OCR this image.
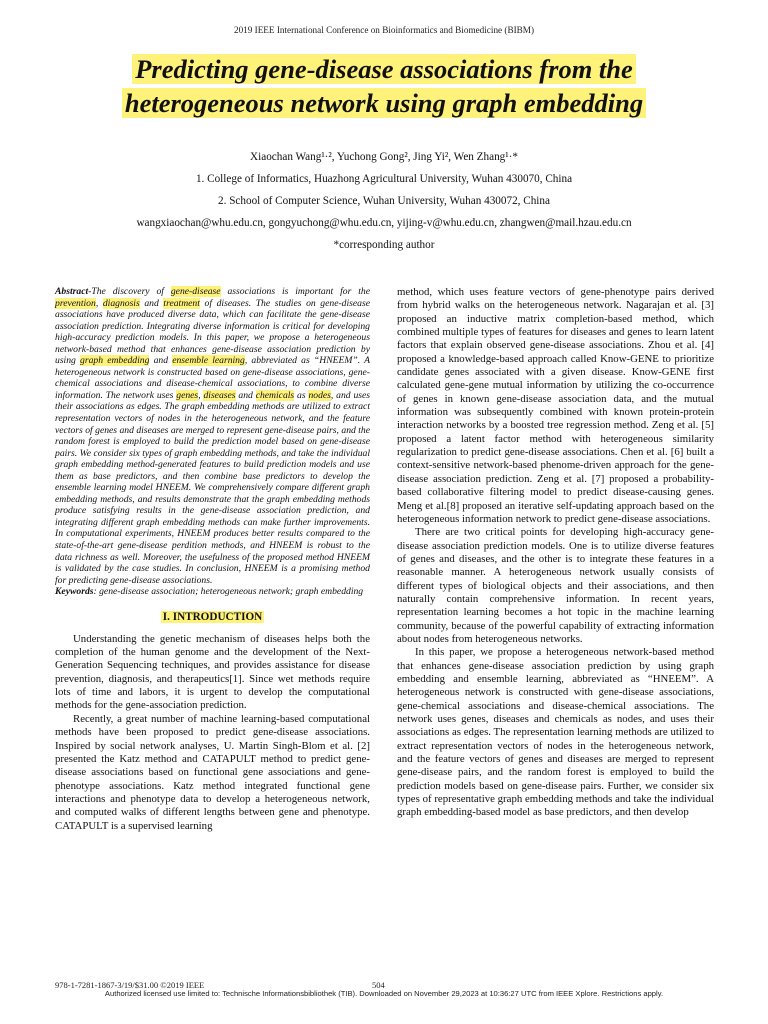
2019 IEEE International Conference on Bioinformatics and Biomedicine (BIBM)
Predicting gene-disease associations from the
heterogeneous network using graph embedding
Xiaochan Wang¹·², Yuchong Gong², Jing Yi², Wen Zhang¹·*
1. College of Informatics, Huazhong Agricultural University, Wuhan 430070, China
2. School of Computer Science, Wuhan University, Wuhan 430072, China
wangxiaochan@whu.edu.cn, gongyuchong@whu.edu.cn, yijing-v@whu.edu.cn, zhangwen@mail.hzau.edu.cn
*corresponding author

Abstract-The discovery of gene-disease associations is important for the prevention, diagnosis and treatment of diseases. The studies on gene-disease associations have produced diverse data, which can facilitate the gene-disease association prediction. Integrating diverse information is critical for developing high-accuracy prediction models. In this paper, we propose a heterogeneous network-based method that enhances gene-disease association prediction by using graph embedding and ensemble learning, abbreviated as “HNEEM”. A heterogeneous network is constructed based on gene-disease associations, gene-chemical associations and disease-chemical associations, to combine diverse information. The network uses genes, diseases and chemicals as nodes, and uses their associations as edges. The graph embedding methods are utilized to extract representation vectors of nodes in the heterogeneous network, and the feature vectors of genes and diseases are merged to represent gene-disease pairs, and the random forest is employed to build the prediction model based on gene-disease pairs. We consider six types of graph embedding methods, and take the individual graph embedding method-generated features to build prediction models and use them as base predictors, and then combine base predictors to develop the ensemble learning model HNEEM. We comprehensively compare different graph embedding methods, and results demonstrate that the graph embedding methods produce satisfying results in the gene-disease association prediction, and integrating different graph embedding methods can make further improvements. In computational experiments, HNEEM produces better results compared to the state-of-the-art gene-disease perdition methods, and HNEEM is robust to the data richness as well. Moreover, the usefulness of the proposed method HNEEM is validated by the case studies. In conclusion, HNEEM is a promising method for predicting gene-disease associations.

Keywords: gene-disease association; heterogeneous network; graph embedding

I. INTRODUCTION

Understanding the genetic mechanism of diseases helps both the completion of the human genome and the development of the Next-Generation Sequencing techniques, and provides assistance for disease prevention, diagnosis, and therapeutics[1]. Since wet methods require lots of time and labors, it is urgent to develop the computational methods for the gene-association prediction.

Recently, a great number of machine learning-based computational methods have been proposed to predict gene-disease associations. Inspired by social network analyses, U. Martin Singh-Blom et al. [2] presented the Katz method and CATAPULT method to predict gene-disease associations based on functional gene associations and gene-phenotype associations. Katz method integrated functional gene interactions and phenotype data to develop a heterogeneous network, and computed walks of different lengths between gene and phenotype. CATAPULT is a supervised learning

method, which uses feature vectors of gene-phenotype pairs derived from hybrid walks on the heterogeneous network. Nagarajan et al. [3] proposed an inductive matrix completion-based method, which combined multiple types of features for diseases and genes to learn latent factors that explain observed gene-disease associations. Zhou et al. [4] proposed a knowledge-based approach called Know-GENE to prioritize candidate genes associated with a given disease. Know-GENE first calculated gene-gene mutual information by utilizing the co-occurrence of genes in known gene-disease association data, and the mutual information was subsequently combined with known protein-protein interaction networks by a boosted tree regression method. Zeng et al. [5] proposed a latent factor method with heterogeneous similarity regularization to predict gene-disease associations. Chen et al. [6] built a context-sensitive network-based phenome-driven approach for the gene-disease association prediction. Zeng et al. [7] proposed a probability-based collaborative filtering model to predict disease-causing genes. Meng et al.[8] proposed an iterative self-updating approach based on the heterogeneous information network to predict gene-disease associations.

There are two critical points for developing high-accuracy gene-disease association prediction models. One is to utilize diverse features of genes and diseases, and the other is to integrate these features in a reasonable manner. A heterogeneous network usually consists of different types of biological objects and their associations, and then naturally contain comprehensive information. In recent years, representation learning becomes a hot topic in the machine learning community, because of the powerful capability of extracting information about nodes from heterogeneous networks.

In this paper, we propose a heterogeneous network-based method that enhances gene-disease association prediction by using graph embedding and ensemble learning, abbreviated as “HNEEM”. A heterogeneous network is constructed with gene-disease associations, gene-chemical associations and disease-chemical associations. The network uses genes, diseases and chemicals as nodes, and uses their associations as edges. The representation learning methods are utilized to extract representation vectors of nodes in the heterogeneous network, and the feature vectors of genes and diseases are merged to represent gene-disease pairs, and the random forest is employed to build the prediction models based on gene-disease pairs. Further, we consider six types of representative graph embedding methods and take the individual graph embedding-based model as base predictors, and then develop

978-1-7281-1867-3/19/$31.00 ©2019 IEEE	504
Authorized licensed use limited to: Technische Informationsbibliothek (TIB). Downloaded on November 29,2023 at 10:36:27 UTC from IEEE Xplore. Restrictions apply.
